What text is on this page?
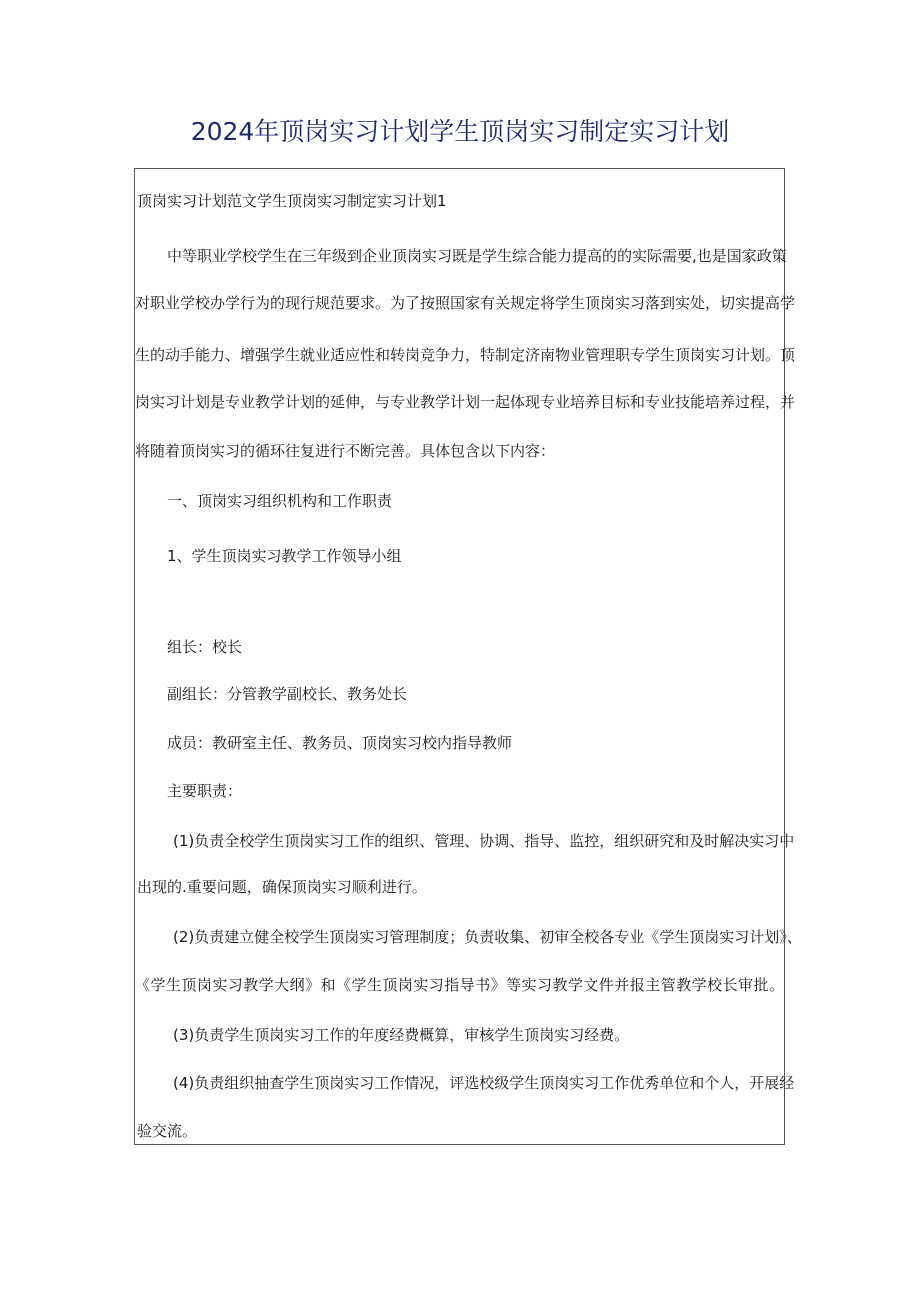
2024年顶岗实习计划学生顶岗实习制定实习计划
顶岗实习计划范文学生顶岗实习制定实习计划1
中等职业学校学生在三年级到企业顶岗实习既是学生综合能力提高的的实际需要,也是国家政策
对职业学校办学行为的现行规范要求。为了按照国家有关规定将学生顶岗实习落到实处，切实提高学
生的动手能力、增强学生就业适应性和转岗竞争力，特制定济南物业管理职专学生顶岗实习计划。顶
岗实习计划是专业教学计划的延伸，与专业教学计划一起体现专业培养目标和专业技能培养过程，并
将随着顶岗实习的循环往复进行不断完善。具体包含以下内容：
一、顶岗实习组织机构和工作职责
1、学生顶岗实习教学工作领导小组
组长：校长
副组长：分管教学副校长、教务处长
成员：教研室主任、教务员、顶岗实习校内指导教师
主要职责：
(1)负责全校学生顶岗实习工作的组织、管理、协调、指导、监控，组织研究和及时解决实习中
出现的.重要问题，确保顶岗实习顺利进行。
(2)负责建立健全校学生顶岗实习管理制度；负责收集、初审全校各专业《学生顶岗实习计划》、
《学生顶岗实习教学大纲》和《学生顶岗实习指导书》等实习教学文件并报主管教学校长审批。
(3)负责学生顶岗实习工作的年度经费概算，审核学生顶岗实习经费。
(4)负责组织抽查学生顶岗实习工作情况，评选校级学生顶岗实习工作优秀单位和个人，开展经
验交流。
